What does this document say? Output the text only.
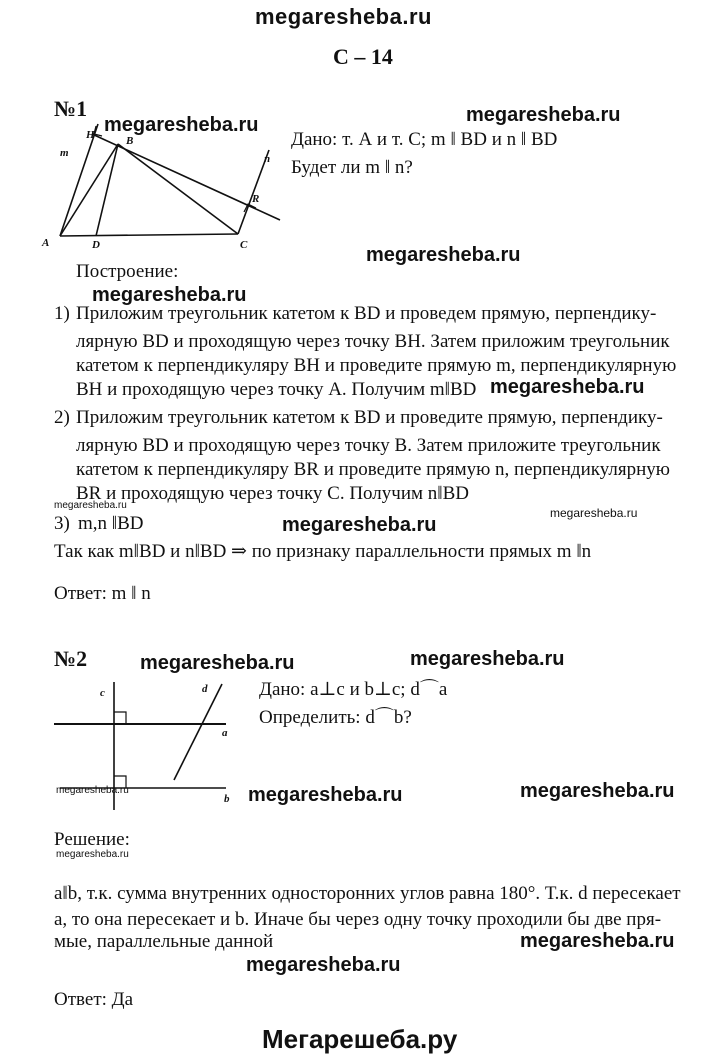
megaresheba.ru
С – 14
№1	megaresheba.ru
megaresheba.ru
H	B
m	n
R
A	D	C
Дано: т. А и т. С; m ‖ BD и n ‖ BD
Будет ли m ‖ n?
megaresheba.ru
Построение:
megaresheba.ru
1) Приложим треугольник катетом к BD и проведем прямую, перпендику-
лярную BD и проходящую через точку BH. Затем приложим треугольник
катетом к перпендикуляру BH и проведите прямую m, перпендикулярную
BH и проходящую через точку A. Получим m‖BD megaresheba.ru
2) Приложим треугольник катетом к BD и проведите прямую, перпендику-
лярную BD и проходящую через точку B. Затем приложите треугольник
катетом к перпендикуляру BR и проведите прямую n, перпендикулярную
BR и проходящую через точку C. Получим n‖BD
megaresheba.ru
3) m,n ‖BD	megaresheba.ru
megaresheba.ru
Так как m‖BD и n‖BD ⇒ по признаку параллельности прямых m ‖n
Ответ: m ‖ n
№2	megaresheba.ru	megaresheba.ru
c	d
a
b
Дано: a⊥c и b⊥c; d⌒a
Определить: d⌒b?
megaresheba.ru	megaresheba.ru	megaresheba.ru
Решение:
megaresheba.ru
a‖b, т.к. сумма внутренних односторонних углов равна 180°. Т.к. d пересекает
a, то она пересекает и b. Иначе бы через одну точку проходили бы две пря-
мые, параллельные данной	megaresheba.ru
megaresheba.ru
Ответ: Да
Мегарешеба.ру
